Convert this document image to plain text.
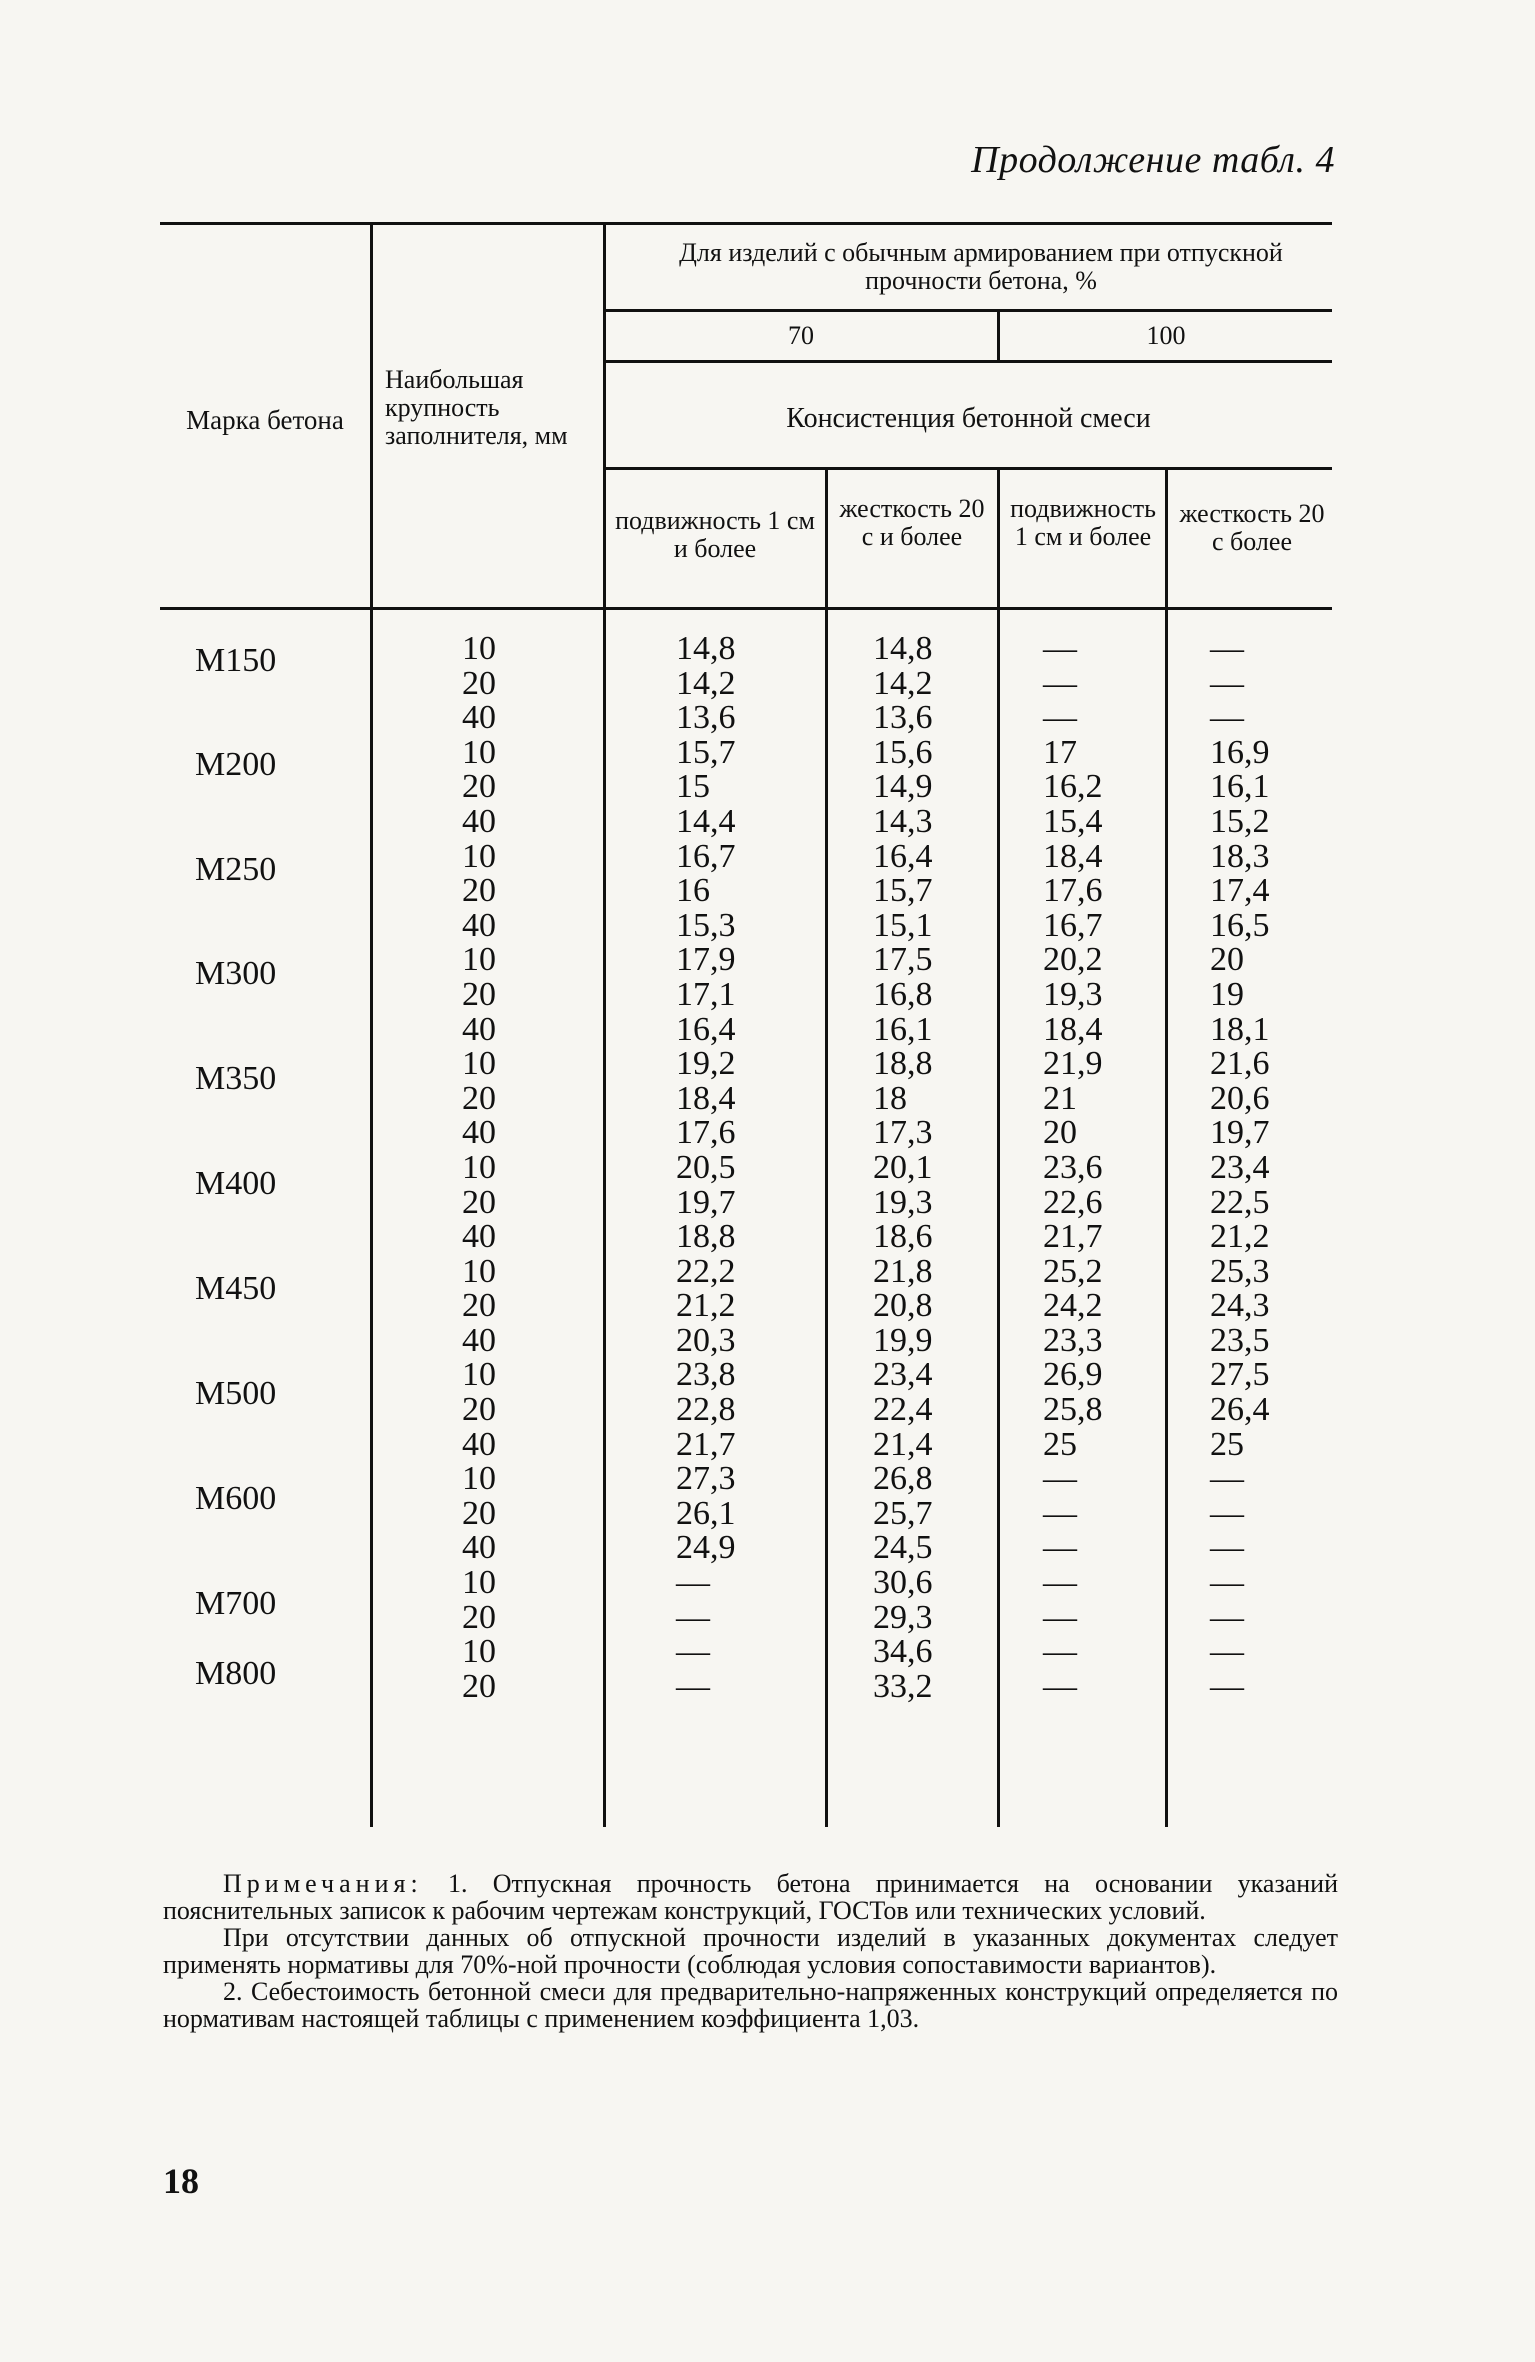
Продолжение табл. 4
Марка бетона
Наибольшая крупность заполнителя, мм
Для изделий с обычным армированием при отпускной прочности бетона, %
70	100
Консистенция бетонной смеси
подвижность 1 см и более
жесткость 20 с и более
подвижность 1 см и более
жесткость 20 с более
М150
М200
М250
М300
М350
М400
М450
М500
М600
М700
М800
10
20
40
10
20
40
10
20
40
10
20
40
10
20
40
10
20
40
10
20
40
10
20
40
10
20
40
10
20
10
20
14,8
14,2
13,6
15,7
15
14,4
16,7
16
15,3
17,9
17,1
16,4
19,2
18,4
17,6
20,5
19,7
18,8
22,2
21,2
20,3
23,8
22,8
21,7
27,3
26,1
24,9
—
—
—
—
14,8
14,2
13,6
15,6
14,9
14,3
16,4
15,7
15,1
17,5
16,8
16,1
18,8
18
17,3
20,1
19,3
18,6
21,8
20,8
19,9
23,4
22,4
21,4
26,8
25,7
24,5
30,6
29,3
34,6
33,2
—
—
—
17
16,2
15,4
18,4
17,6
16,7
20,2
19,3
18,4
21,9
21
20
23,6
22,6
21,7
25,2
24,2
23,3
26,9
25,8
25
—
—
—
—
—
—
—
—
—
—
16,9
16,1
15,2
18,3
17,4
16,5
20
19
18,1
21,6
20,6
19,7
23,4
22,5
21,2
25,3
24,3
23,5
27,5
26,4
25
—
—
—
—
—
—
—

Примечания: 1. Отпускная прочность бетона принимается на основании указаний пояснительных записок к рабочим чертежам конструкций, ГОСТов или технических условий.

При отсутствии данных об отпускной прочности изделий в указанных документах следует применять нормативы для 70%-ной прочности (соблюдая условия сопоставимости вариантов).

2. Себестоимость бетонной смеси для предварительно-напряженных конструкций определяется по нормативам настоящей таблицы с применением коэффициента 1,03.

18
